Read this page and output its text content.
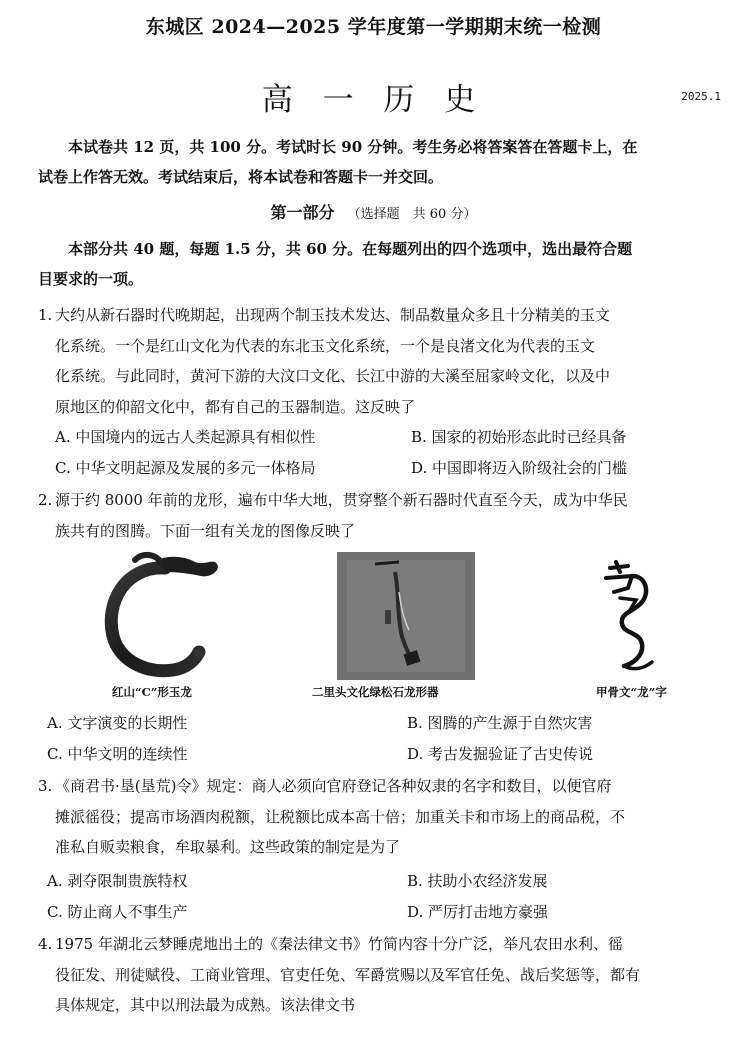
东城区 2024—2025 学年度第一学期期末统一检测
高 一 历 史	2025.1
本试卷共 12 页，共 100 分。考试时长 90 分钟。考生务必将答案答在答题卡上，在
试卷上作答无效。考试结束后，将本试卷和答题卡一并交回。
第一部分 （选择题　共 60 分）
本部分共 40 题，每题 1.5 分，共 60 分。在每题列出的四个选项中，选出最符合题
目要求的一项。
1. 大约从新石器时代晚期起，出现两个制玉技术发达、制品数量众多且十分精美的玉文
化系统。一个是红山文化为代表的东北玉文化系统，一个是良渚文化为代表的玉文
化系统。与此同时，黄河下游的大汶口文化、长江中游的大溪至屈家岭文化，以及中
原地区的仰韶文化中，都有自己的玉器制造。这反映了
A. 中国境内的远古人类起源具有相似性	B. 国家的初始形态此时已经具备
C. 中华文明起源及发展的多元一体格局	D. 中国即将迈入阶级社会的门槛
2. 源于约 8000 年前的龙形，遍布中华大地，贯穿整个新石器时代直至今天，成为中华民
族共有的图腾。下面一组有关龙的图像反映了
红山“C”形玉龙	二里头文化绿松石龙形器	甲骨文“龙”字
A. 文字演变的长期性	B. 图腾的产生源于自然灾害
C. 中华文明的连续性	D. 考古发掘验证了古史传说
3. 《商君书·垦(垦荒)令》规定：商人必须向官府登记各种奴隶的名字和数目，以便官府
摊派徭役；提高市场酒肉税额，让税额比成本高十倍；加重关卡和市场上的商品税，不
准私自贩卖粮食，牟取暴利。这些政策的制定是为了
A. 剥夺限制贵族特权	B. 扶助小农经济发展
C. 防止商人不事生产	D. 严厉打击地方豪强
4. 1975 年湖北云梦睡虎地出土的《秦法律文书》竹简内容十分广泛，举凡农田水利、徭
役征发、刑徒赋役、工商业管理、官吏任免、军爵赏赐以及军官任免、战后奖惩等，都有
具体规定，其中以刑法最为成熟。该法律文书
